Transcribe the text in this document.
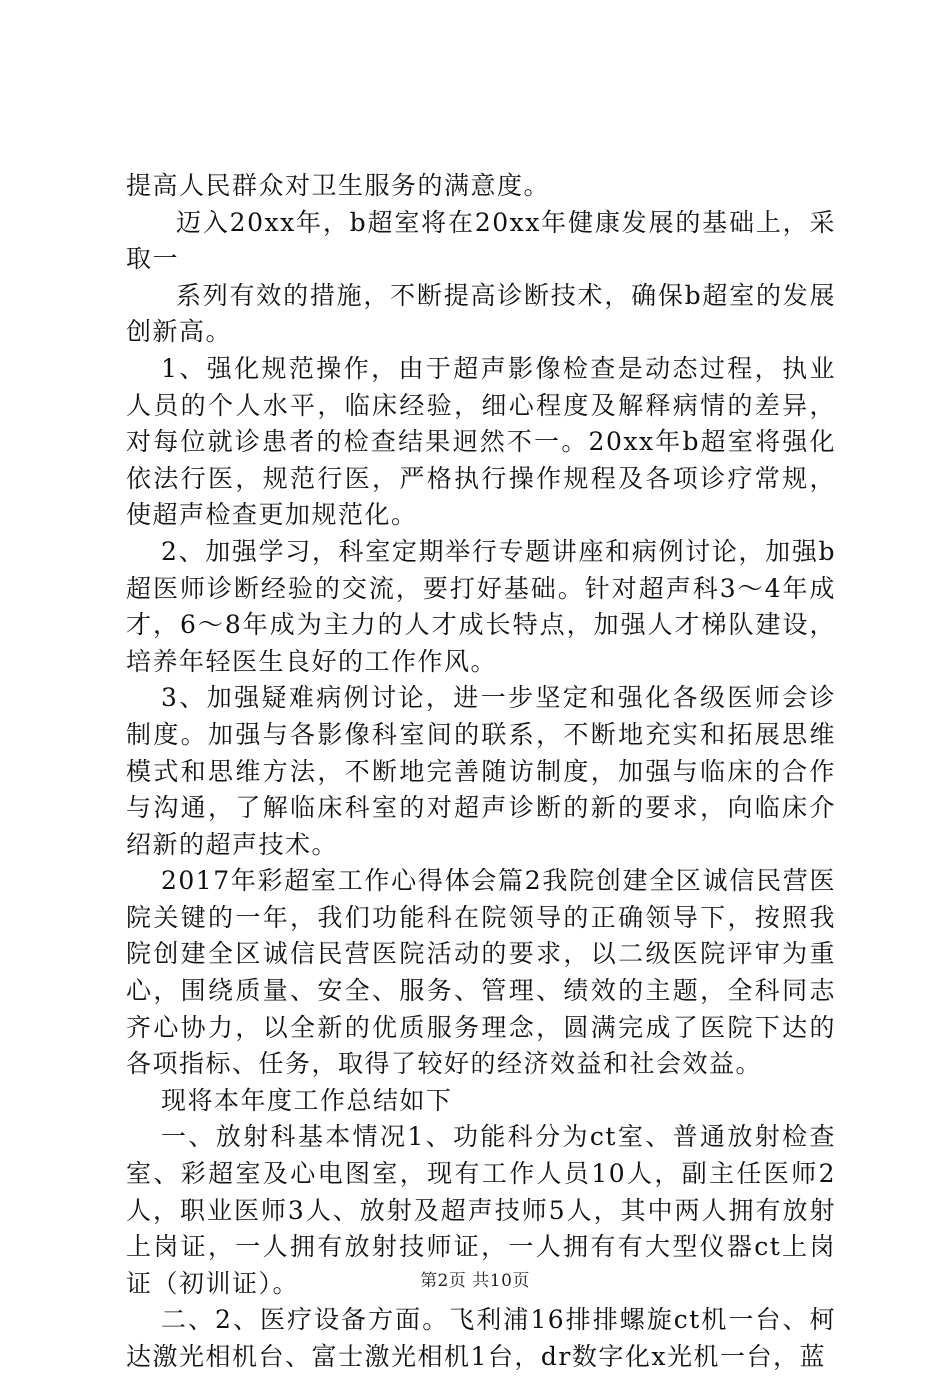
提高人民群众对卫生服务的满意度。

迈入20xx年，b超室将在20xx年健康发展的基础上，采取一

系列有效的措施，不断提高诊断技术，确保b超室的发展创新高。

1、强化规范操作，由于超声影像检查是动态过程，执业人员的个人水平，临床经验，细心程度及解释病情的差异，对每位就诊患者的检查结果迥然不一。20xx年b超室将强化依法行医，规范行医，严格执行操作规程及各项诊疗常规，使超声检查更加规范化。

2、加强学习，科室定期举行专题讲座和病例讨论，加强b超医师诊断经验的交流，要打好基础。针对超声科3～4年成才，6～8年成为主力的人才成长特点，加强人才梯队建设，培养年轻医生良好的工作作风。

3、加强疑难病例讨论，进一步坚定和强化各级医师会诊制度。加强与各影像科室间的联系，不断地充实和拓展思维模式和思维方法，不断地完善随访制度，加强与临床的合作与沟通，了解临床科室的对超声诊断的新的要求，向临床介绍新的超声技术。

2017年彩超室工作心得体会篇2我院创建全区诚信民营医院关键的一年，我们功能科在院领导的正确领导下，按照我院创建全区诚信民营医院活动的要求，以二级医院评审为重心，围绕质量、安全、服务、管理、绩效的主题，全科同志齐心协力，以全新的优质服务理念，圆满完成了医院下达的各项指标、任务，取得了较好的经济效益和社会效益。

现将本年度工作总结如下

一、放射科基本情况1、功能科分为ct室、普通放射检查室、彩超室及心电图室，现有工作人员10人，副主任医师2人，职业医师3人、放射及超声技师5人，其中两人拥有放射上岗证，一人拥有放射技师证，一人拥有有大型仪器ct上岗证（初训证）。

二、2、医疗设备方面。飞利浦16排排螺旋ct机一台、柯达激光相机台、富士激光相机1台，dr数字化x光机一台，蓝

第2页 共10页
